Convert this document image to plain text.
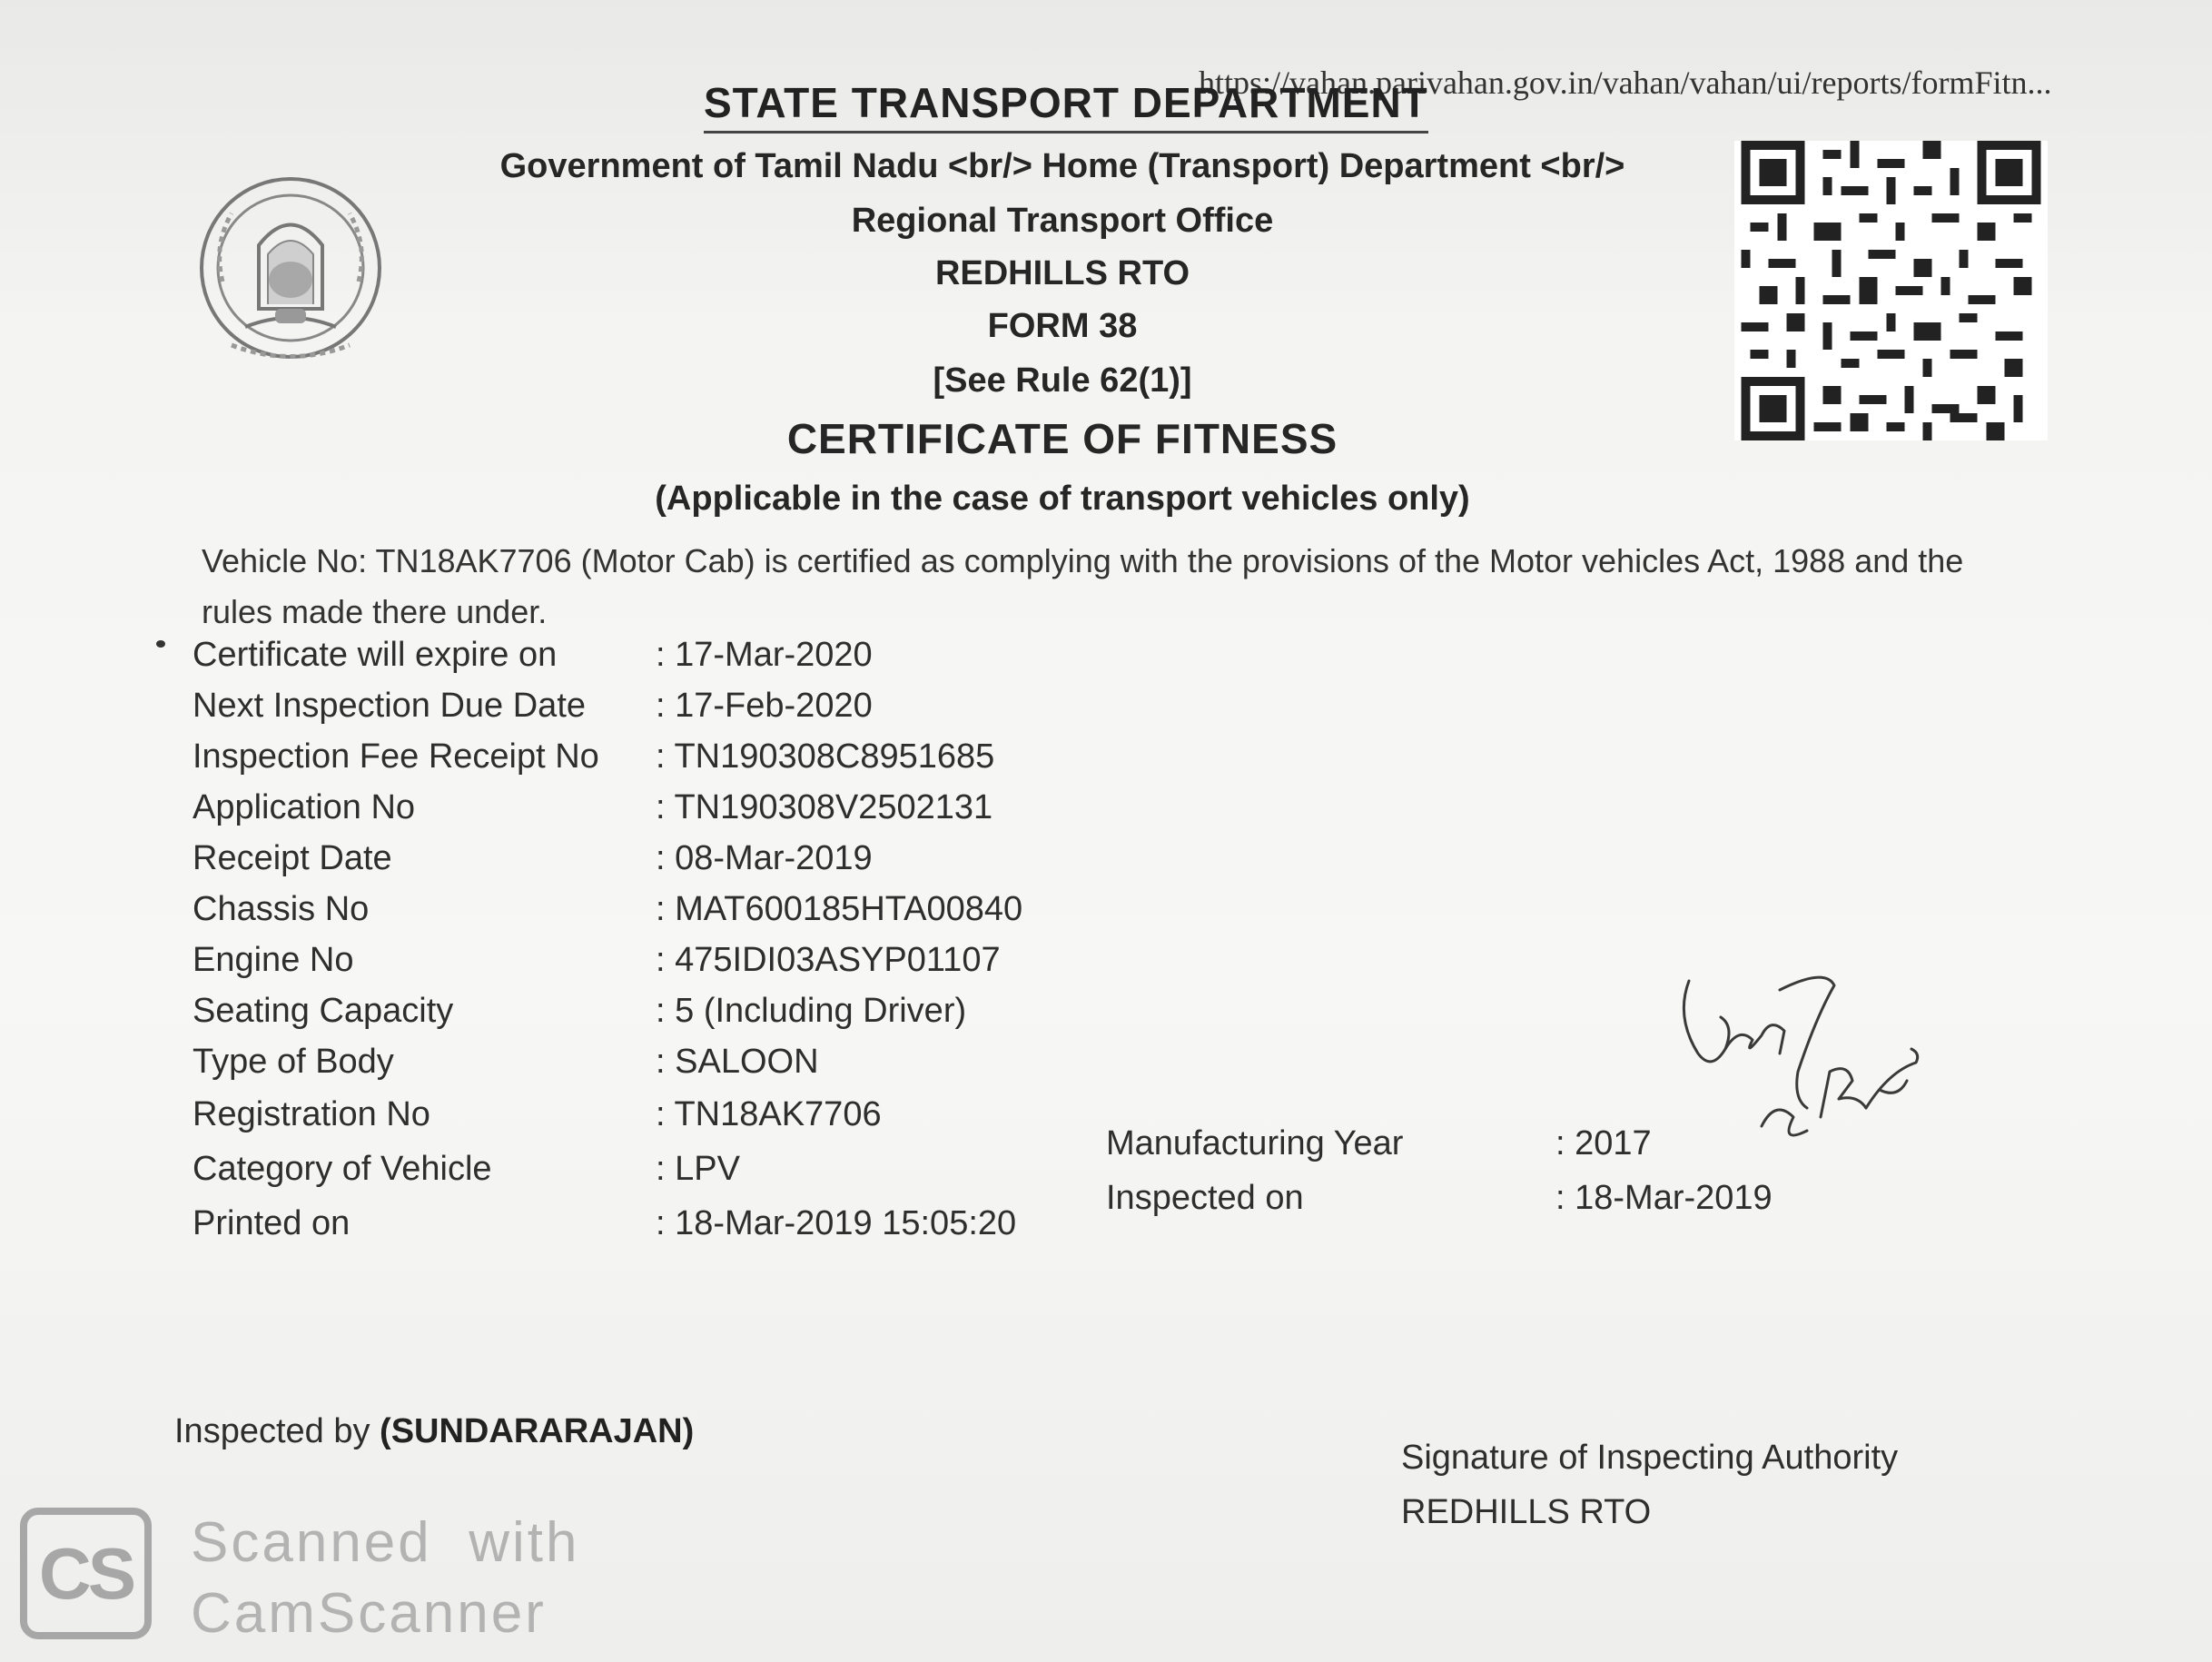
https://vahan.parivahan.gov.in/vahan/vahan/ui/reports/formFitn...
STATE TRANSPORT DEPARTMENT
Government of Tamil Nadu <br/> Home (Transport) Department <br/>
Regional Transport Office
REDHILLS RTO
FORM 38
[See Rule 62(1)]
CERTIFICATE OF FITNESS
(Applicable in the case of transport vehicles only)
Vehicle No: TN18AK7706 (Motor Cab) is certified as complying with the provisions of the Motor vehicles Act, 1988 and the rules made there under.
Certificate will expire on	: 17-Mar-2020
Next Inspection Due Date	: 17-Feb-2020
Inspection Fee Receipt No	: TN190308C8951685
Application No	: TN190308V2502131
Receipt Date	: 08-Mar-2019
Chassis No	: MAT600185HTA00840
Engine No	: 475IDI03ASYP01107
Seating Capacity	: 5 (Including Driver)
Type of Body	: SALOON
Registration No	: TN18AK7706
Category of Vehicle	: LPV
Printed on	: 18-Mar-2019 15:05:20
Manufacturing Year	: 2017
Inspected on	: 18-Mar-2019
Inspected by (SUNDARARAJAN)
Signature of Inspecting Authority
REDHILLS RTO
CS	Scanned  with
CamScanner
